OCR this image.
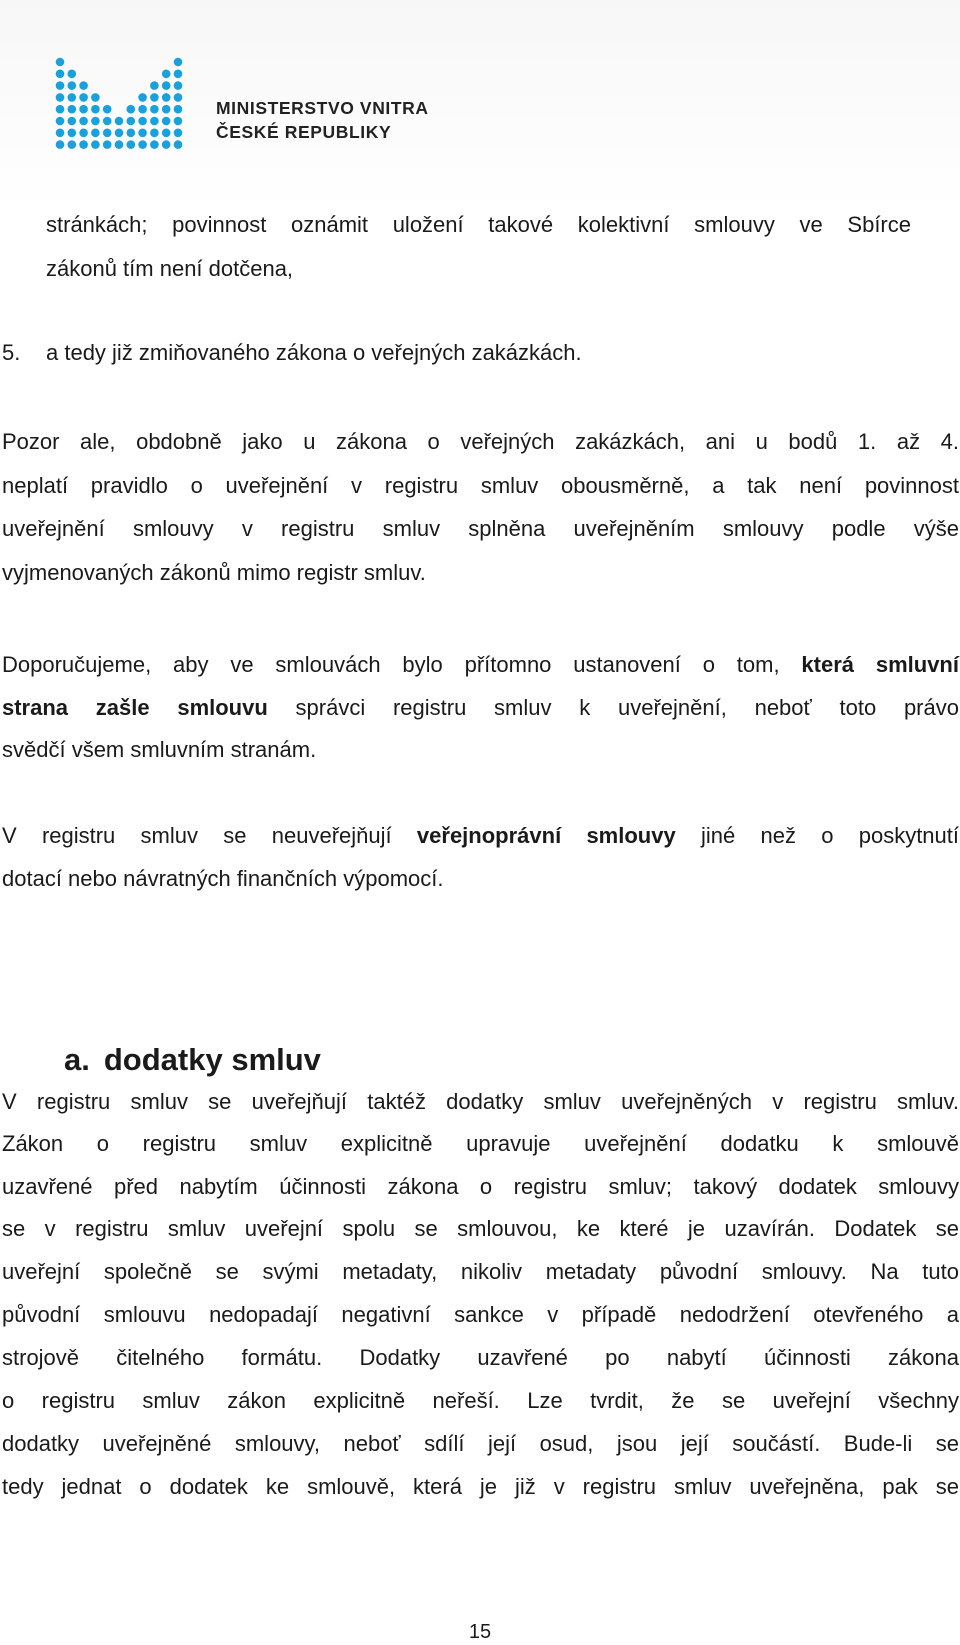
MINISTERSTVO VNITRA
ČESKÉ REPUBLIKY

stránkách; povinnost oznámit uložení takové kolektivní smlouvy ve Sbírce

zákonů tím není dotčena,

5.	a tedy již zmiňovaného zákona o veřejných zakázkách.

Pozor ale, obdobně jako u zákona o veřejných zakázkách, ani u bodů 1. až 4.

neplatí pravidlo o uveřejnění v registru smluv obousměrně, a tak není povinnost

uveřejnění smlouvy v registru smluv splněna uveřejněním smlouvy podle výše

vyjmenovaných zákonů mimo registr smluv.

Doporučujeme, aby ve smlouvách bylo přítomno ustanovení o tom, která smluvní

strana zašle smlouvu správci registru smluv k uveřejnění, neboť toto právo

svědčí všem smluvním stranám.

V registru smluv se neuveřejňují veřejnoprávní smlouvy jiné než o poskytnutí

dotací nebo návratných finančních výpomocí.

a. dodatky smluv

V registru smluv se uveřejňují taktéž dodatky smluv uveřejněných v registru smluv.

Zákon o registru smluv explicitně upravuje uveřejnění dodatku k smlouvě

uzavřené před nabytím účinnosti zákona o registru smluv; takový dodatek smlouvy

se v registru smluv uveřejní spolu se smlouvou, ke které je uzavírán. Dodatek se

uveřejní společně se svými metadaty, nikoliv metadaty původní smlouvy. Na tuto

původní smlouvu nedopadají negativní sankce v případě nedodržení otevřeného a

strojově čitelného formátu. Dodatky uzavřené po nabytí účinnosti zákona

o registru smluv zákon explicitně neřeší. Lze tvrdit, že se uveřejní všechny

dodatky uveřejněné smlouvy, neboť sdílí její osud, jsou její součástí. Bude-li se

tedy jednat o dodatek ke smlouvě, která je již v registru smluv uveřejněna, pak se

15
